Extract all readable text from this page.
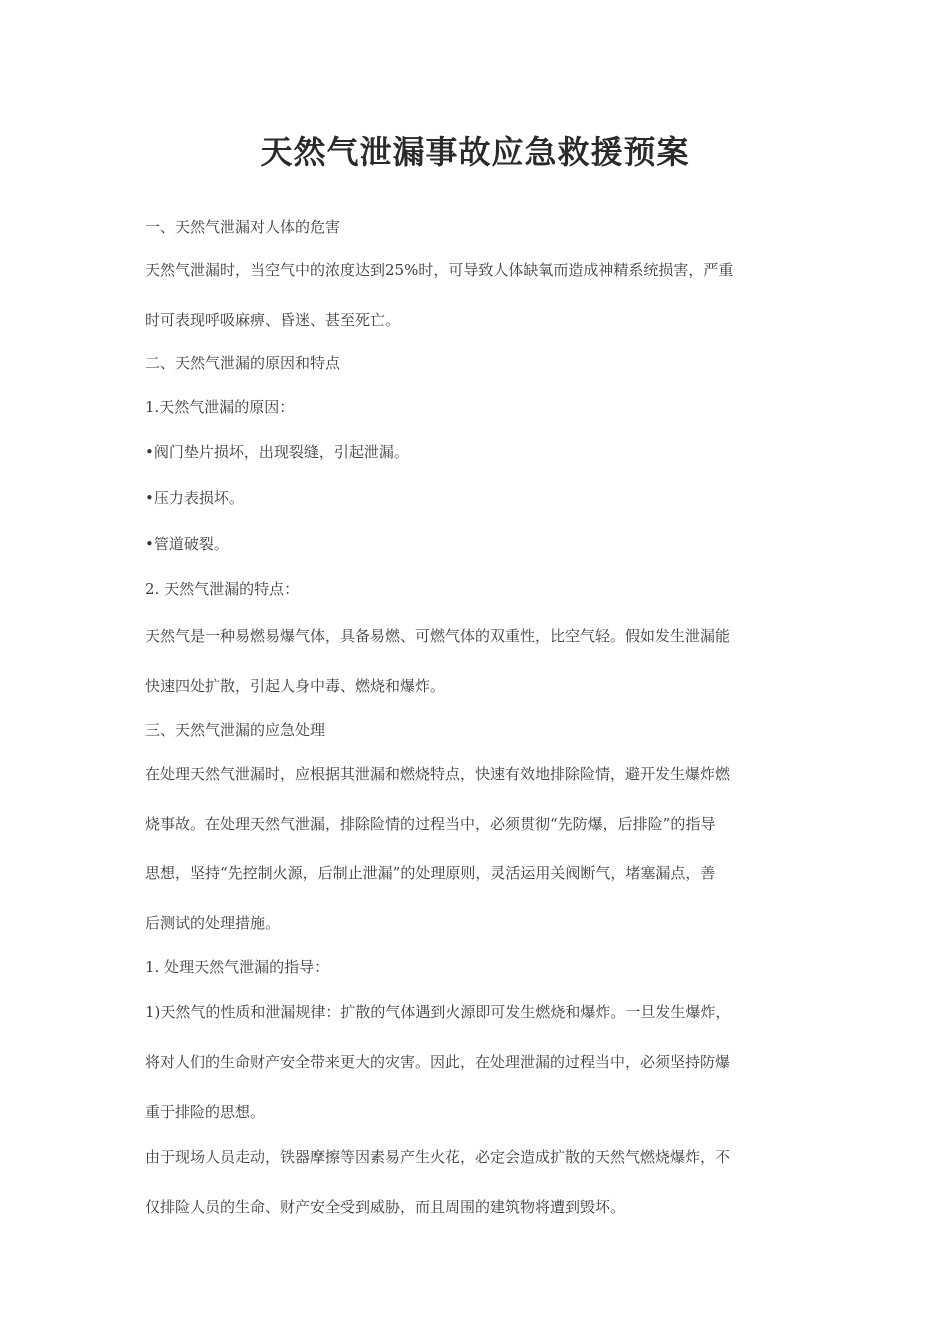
天然气泄漏事故应急救援预案

一、天然气泄漏对人体的危害

天然气泄漏时，当空气中的浓度达到25%时，可导致人体缺氧而造成神精系统损害，严重

时可表现呼吸麻痹、昏迷、甚至死亡。

二、天然气泄漏的原因和特点

1.天然气泄漏的原因：

•阀门垫片损坏，出现裂缝，引起泄漏。

•压力表损坏。

•管道破裂。

2. 天然气泄漏的特点：

天然气是一种易燃易爆气体，具备易燃、可燃气体的双重性，比空气轻。假如发生泄漏能

快速四处扩散，引起人身中毒、燃烧和爆炸。

三、天然气泄漏的应急处理

在处理天然气泄漏时，应根据其泄漏和燃烧特点，快速有效地排除险情，避开发生爆炸燃

烧事故。在处理天然气泄漏，排除险情的过程当中，必须贯彻“先防爆，后排险”的指导

思想，坚持“先控制火源，后制止泄漏”的处理原则，灵活运用关阀断气，堵塞漏点，善

后测试的处理措施。

1. 处理天然气泄漏的指导：

1)天然气的性质和泄漏规律：扩散的气体遇到火源即可发生燃烧和爆炸。一旦发生爆炸，

将对人们的生命财产安全带来更大的灾害。因此，在处理泄漏的过程当中，必须坚持防爆

重于排险的思想。

由于现场人员走动，铁器摩擦等因素易产生火花，必定会造成扩散的天然气燃烧爆炸，不

仅排险人员的生命、财产安全受到威胁，而且周围的建筑物将遭到毁坏。
